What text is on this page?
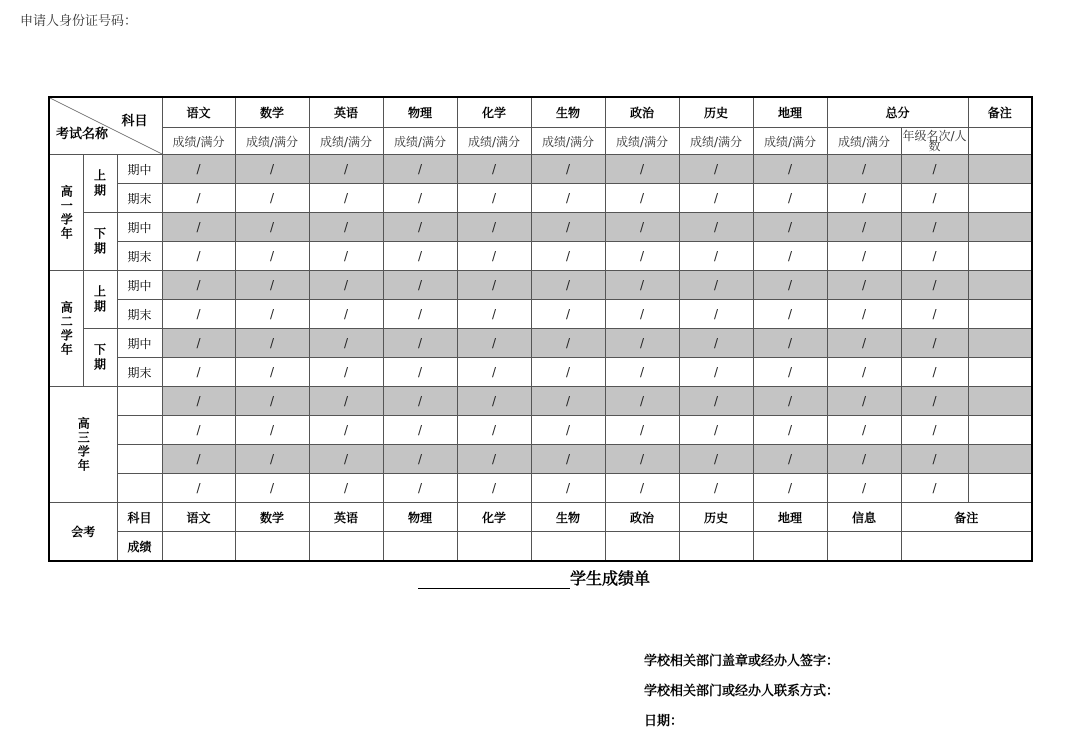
申请人身份证号码：
科目
考试名称			语文	数学	英语	物理	化学	生物	政治	历史	地理	总分		备注
			成绩/满分	成绩/满分	成绩/满分	成绩/满分	成绩/满分	成绩/满分	成绩/满分	成绩/满分	成绩/满分	成绩/满分	年级名次/人数	
高一学年	上期	期中	/	/	/	/	/	/	/	/	/	/	/	
		期末	/	/	/	/	/	/	/	/	/	/	/	
	下期	期中	/	/	/	/	/	/	/	/	/	/	/	
		期末	/	/	/	/	/	/	/	/	/	/	/	
高二学年	上期	期中	/	/	/	/	/	/	/	/	/	/	/	
		期末	/	/	/	/	/	/	/	/	/	/	/	
	下期	期中	/	/	/	/	/	/	/	/	/	/	/	
		期末	/	/	/	/	/	/	/	/	/	/	/	
高三学年			/	/	/	/	/	/	/	/	/	/	/	
			/	/	/	/	/	/	/	/	/	/	/	
			/	/	/	/	/	/	/	/	/	/	/	
			/	/	/	/	/	/	/	/	/	/	/	
会考		科目	语文	数学	英语	物理	化学	生物	政治	历史	地理	信息	备注	
		成绩												
学生成绩单
学校相关部门盖章或经办人签字：
学校相关部门或经办人联系方式：
日期：
